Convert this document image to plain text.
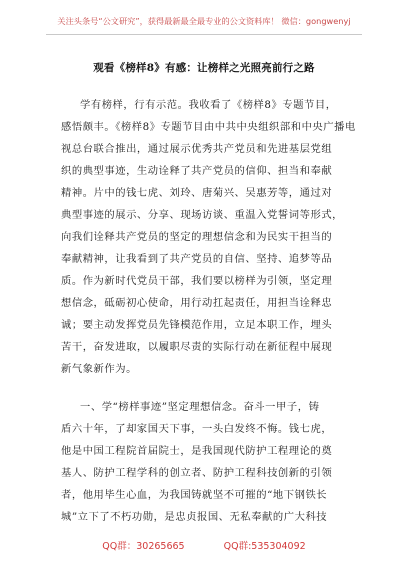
关注头条号“公文研究”，获得最新最全最专业的公文资料库！ 微信：gongwenyj
观看《榜样8》有感：让榜样之光照亮前行之路
学有榜样，行有示范。我收看了《榜样8》专题节目，
感悟颇丰。《榜样8》专题节目由中共中央组织部和中央广播电
视总台联合推出，通过展示优秀共产党员和先进基层党组
织的典型事迹，生动诠释了共产党员的信仰、担当和奉献
精神。片中的钱七虎、刘玲、唐菊兴、吴惠芳等，通过对
典型事迹的展示、分享、现场访谈、重温入党誓词等形式，
向我们诠释共产党员的坚定的理想信念和为民实干担当的
奉献精神，让我看到了共产党员的自信、坚持、追梦等品
质。作为新时代党员干部，我们要以榜样为引领，坚定理
想信念，砥砺初心使命，用行动扛起责任，用担当诠释忠
诚；要主动发挥党员先锋模范作用，立足本职工作，埋头
苦干，奋发进取，以履职尽责的实际行动在新征程中展现
新气象新作为。
一、学“榜样事迹”坚定理想信念。奋斗一甲子，铸
盾六十年，了却家国天下事，一头白发终不悔。钱七虎，
他是中国工程院首届院士，是我国现代防护工程理论的奠
基人、防护工程学科的创立者、防护工程科技创新的引领
者，他用毕生心血，为我国铸就坚不可摧的“地下钢铁长
城”立下了不朽功勋，是忠贞报国、无私奉献的广大科技
QQ群：30265665	QQ群:535304092
